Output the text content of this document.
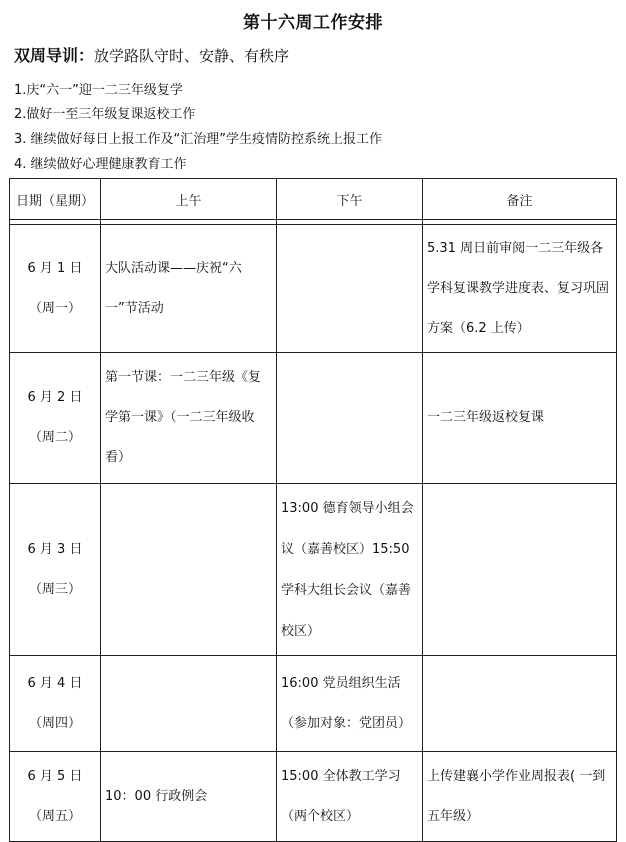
第十六周工作安排
双周导训：放学路队守时、安静、有秩序
1.庆“六一”迎一二三年级复学
2.做好一至三年级复课返校工作
3. 继续做好每日上报工作及“汇治理”学生疫情防控系统上报工作
4. 继续做好心理健康教育工作
日期（星期）	上午	下午	备注

6 月 1 日
（周一）	大队活动课——庆祝“六一”节活动		5.31 周日前审阅一二三年级各学科复课教学进度表、复习巩固方案（6.2 上传）

6 月 2 日
（周二）	第一节课：一二三年级《复学第一课》（一二三年级收看）		一二三年级返校复课

6 月 3 日
（周三）		13:00 德育领导小组会议（嘉善校区）15:50 学科大组长会议（嘉善校区）	

6 月 4 日
（周四）		16:00 党员组织生活（参加对象：党团员）	

6 月 5 日
（周五）	10：00 行政例会	15:00 全体教工学习（两个校区）	上传建襄小学作业周报表( 一到五年级）
